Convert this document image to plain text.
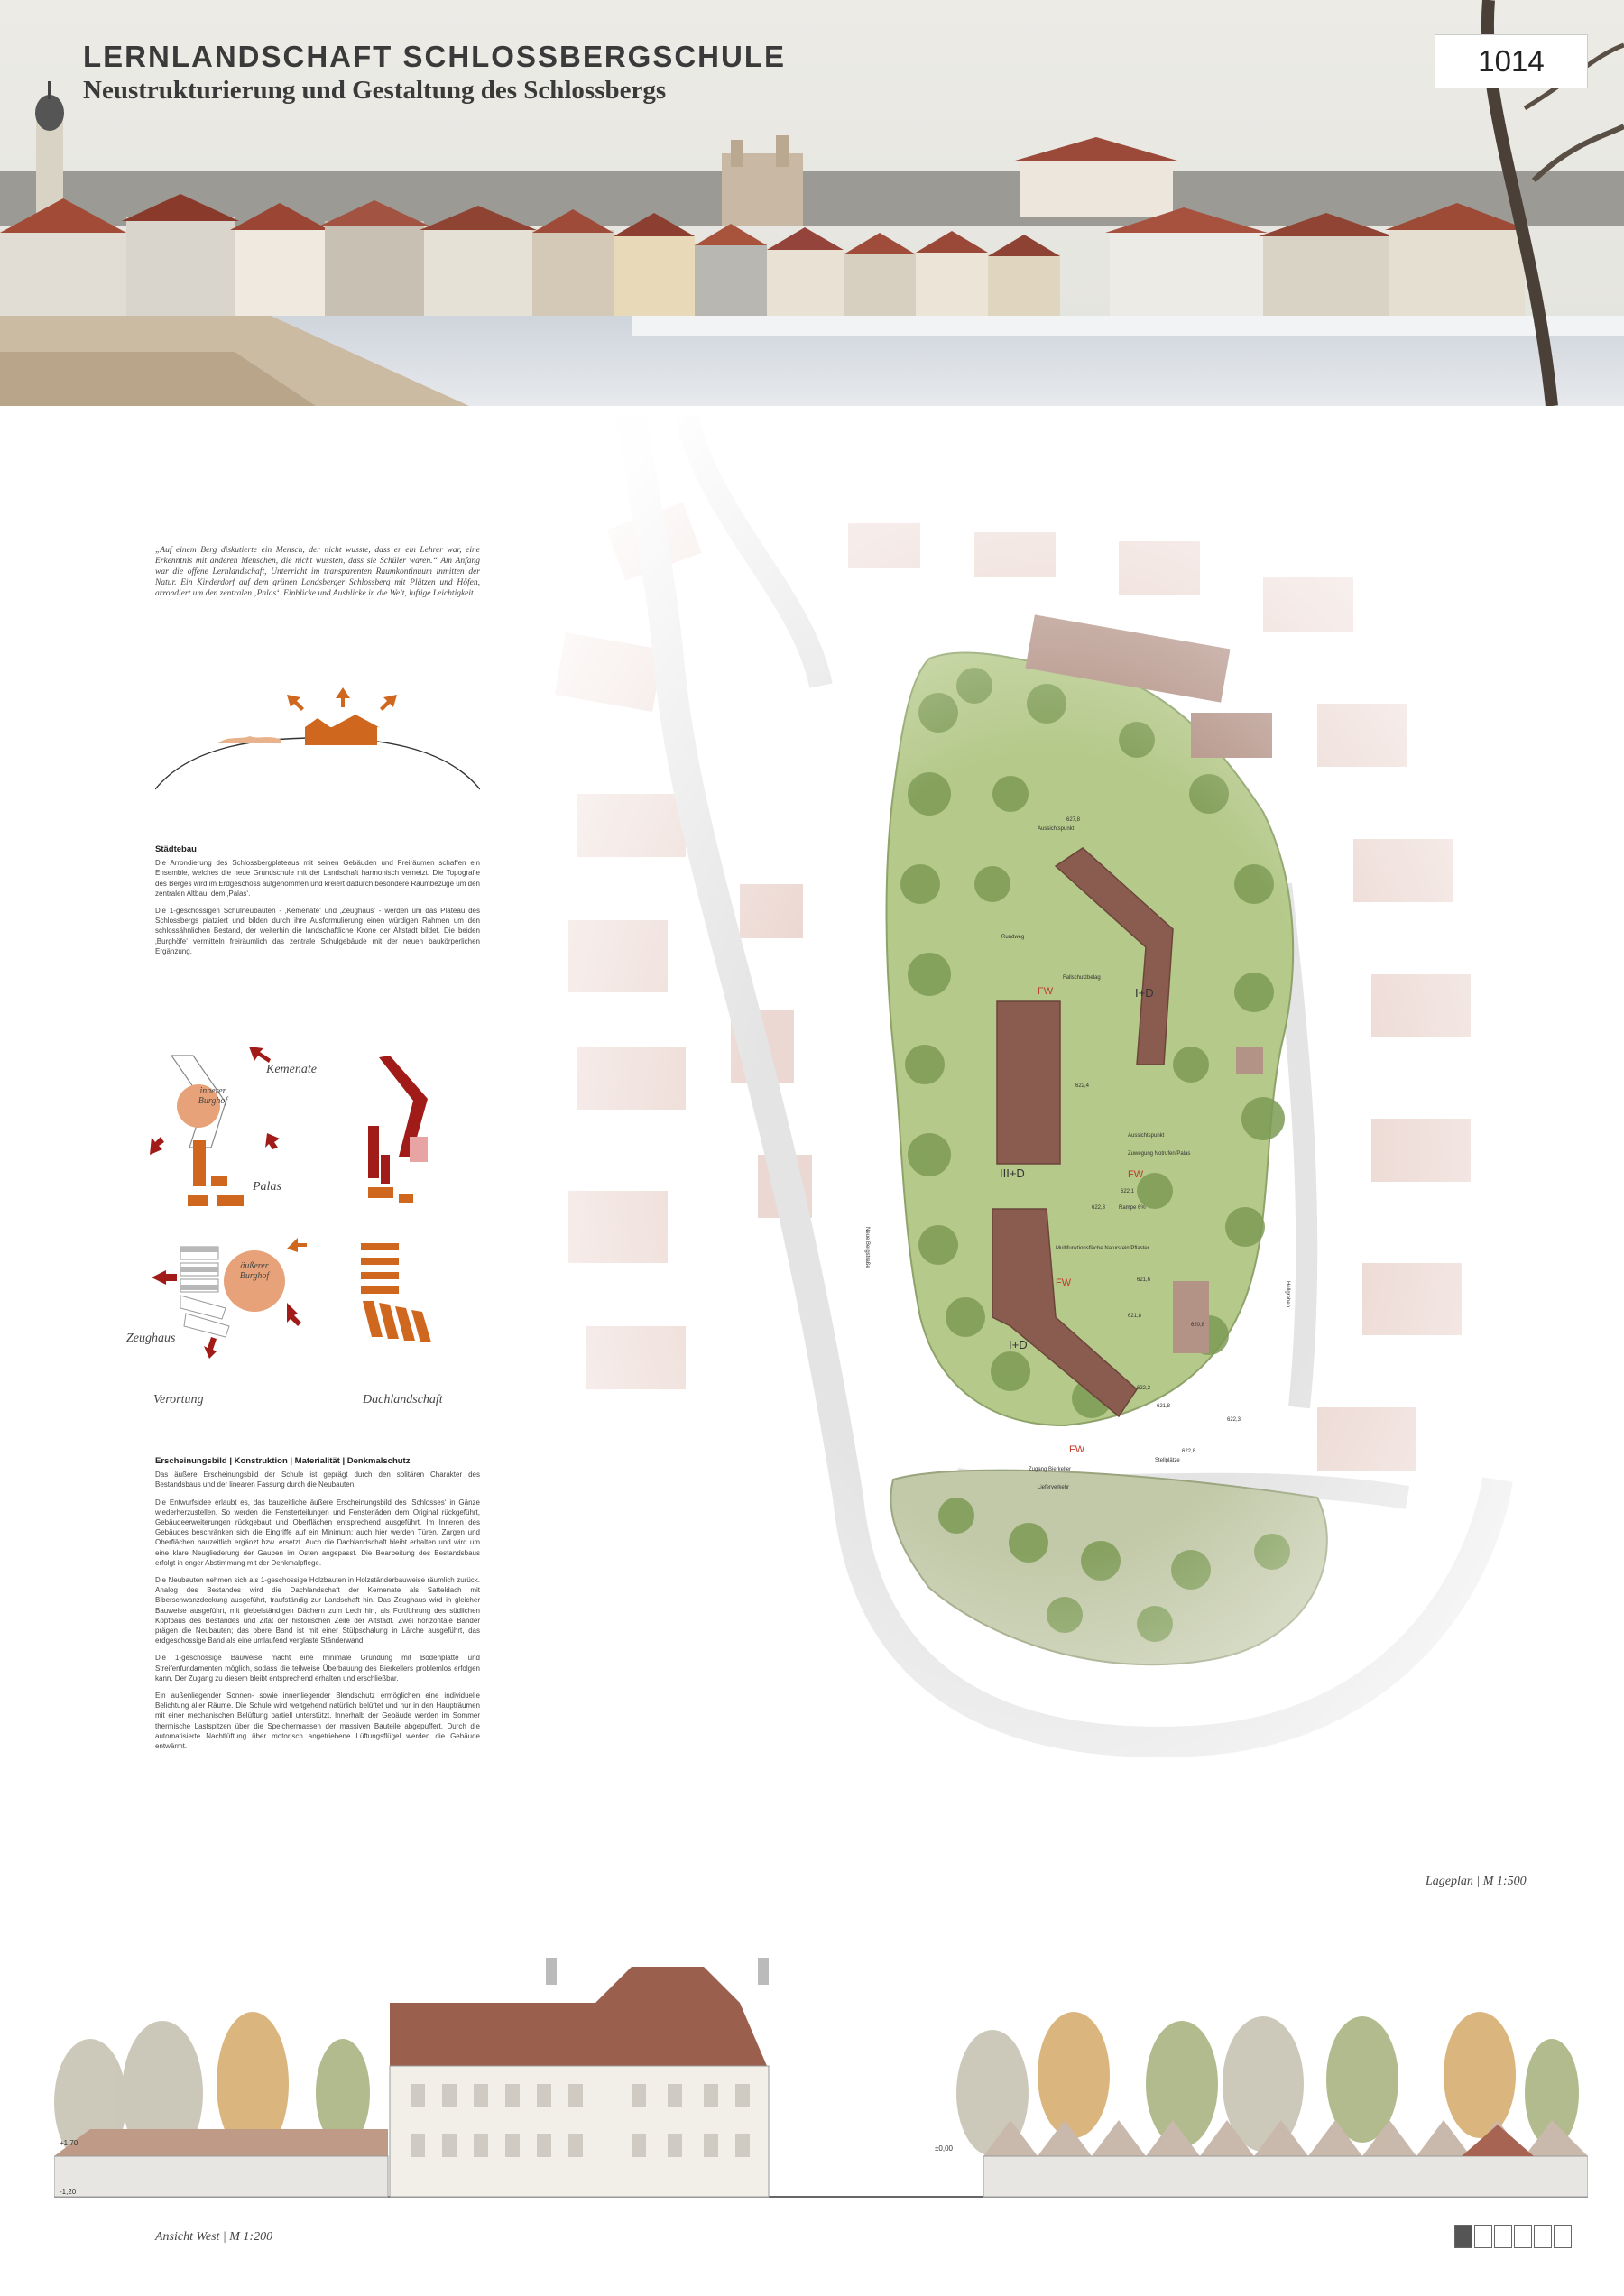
LERNLANDSCHAFT SCHLOSSBERGSCHULE
Neustrukturierung und Gestaltung des Schlossbergs
1014
„Auf einem Berg diskutierte ein Mensch, der nicht wusste, dass er ein Lehrer war, eine Erkenntnis mit anderen Menschen, die nicht wussten, dass sie Schüler waren.“ Am Anfang war die offene Lernlandschaft, Unterricht im transparenten Raumkontinuum inmitten der Natur. Ein Kinderdorf auf dem grünen Landsberger Schlossberg mit Plätzen und Höfen, arrondiert um den zentralen ‚Palas‘. Einblicke und Ausblicke in die Welt, luftige Leichtigkeit.
Städtebau

Die Arrondierung des Schlossbergplateaus mit seinen Gebäuden und Freiräumen schaffen ein Ensemble, welches die neue Grundschule mit der Landschaft harmonisch vernetzt. Die Topografie des Berges wird im Erdgeschoss aufgenommen und kreiert dadurch besondere Raumbezüge um den zentralen Altbau, dem ‚Palas‘.

Die 1-geschossigen Schulneubauten - ‚Kemenate‘ und ‚Zeughaus‘ - werden um das Plateau des Schlossbergs platziert und bilden durch ihre Ausformulierung einen würdigen Rahmen um den schlossähnlichen Bestand, der weiterhin die landschaftliche Krone der Altstadt bildet. Die beiden ‚Burghöfe‘ vermitteln freiräumlich das zentrale Schulgebäude mit der neuen baukörperlichen Ergänzung.

Kemenate
innerer Burghof
Palas
äußerer Burghof
Zeughaus
Verortung	Dachlandschaft
Erscheinungsbild | Konstruktion | Materialität | Denkmalschutz

Das äußere Erscheinungsbild der Schule ist geprägt durch den solitären Charakter des Bestandsbaus und der linearen Fassung durch die Neubauten.

Die Entwurfsidee erlaubt es, das bauzeitliche äußere Erscheinungsbild des ‚Schlosses‘ in Gänze wiederherzustellen. So werden die Fensterteilungen und Fensterläden dem Original rückgeführt, Gebäudeerweiterungen rückgebaut und Oberflächen entsprechend ausgeführt. Im Inneren des Gebäudes beschränken sich die Eingriffe auf ein Minimum; auch hier werden Türen, Zargen und Oberflächen bauzeitlich ergänzt bzw. ersetzt. Auch die Dachlandschaft bleibt erhalten und wird um eine klare Neugliederung der Gauben im Osten angepasst. Die Bearbeitung des Bestandsbaus erfolgt in enger Abstimmung mit der Denkmalpflege.

Die Neubauten nehmen sich als 1-geschossige Holzbauten in Holzständerbauweise räumlich zurück. Analog des Bestandes wird die Dachlandschaft der Kemenate als Satteldach mit Biberschwanzdeckung ausgeführt, traufständig zur Landschaft hin. Das Zeughaus wird in gleicher Bauweise ausgeführt, mit giebelständigen Dächern zum Lech hin, als Fortführung des südlichen Kopfbaus des Bestandes und Zitat der historischen Zeile der Altstadt. Zwei horizontale Bänder prägen die Neubauten; das obere Band ist mit einer Stülpschalung in Lärche ausgeführt, das erdgeschossige Band als eine umlaufend verglaste Ständerwand.

Die 1-geschossige Bauweise macht eine minimale Gründung mit Bodenplatte und Streifenfundamenten möglich, sodass die teilweise Überbauung des Bierkellers problemlos erfolgen kann. Der Zugang zu diesem bleibt entsprechend erhalten und erschließbar.

Ein außenliegender Sonnen- sowie innenliegender Blendschutz ermöglichen eine individuelle Belichtung aller Räume. Die Schule wird weitgehend natürlich belüftet und nur in den Haupträumen mit einer mechanischen Belüftung partiell unterstützt. Innerhalb der Gebäude werden im Sommer thermische Lastspitzen über die Speichermassen der massiven Bauteile abgepuffert. Durch die automatisierte Nachtlüftung über motorisch angetriebene Lüftungsflügel werden die Gebäude entwärmt.

Lageplan | M 1:500
+1,70
±0,00
-1,20
Ansicht West | M 1:200
